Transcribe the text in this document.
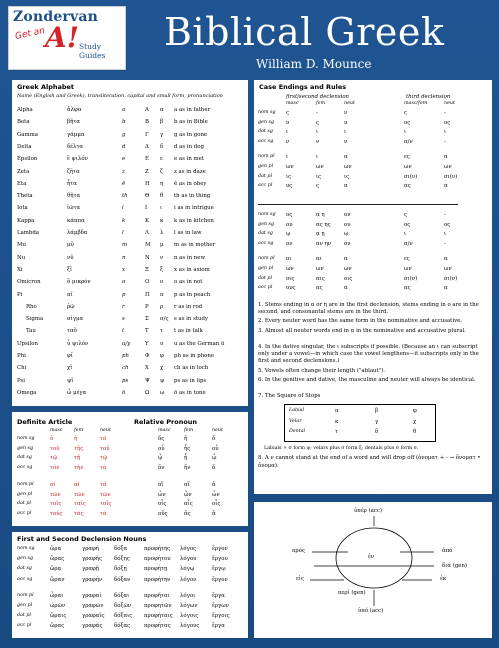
Zondervan
Get an A! Study Guides
Biblical Greek
William D. Mounce
Greek Alphabet
Name (English and Greek), transliteration, capital and small form, pronunciation
Alpha	ἄλφα	a	Α α a as in father
Beta	βῆτα	b	Β β b as in Bible
Gamma	γάμμα	g	Γ γ g as in gone
Delta	δέλτα	d	Δ δ d as in dog
Epsilon	ἒ ψιλόν	e	Ε ε e as in met
Zeta	ζῆτα	z	Ζ ζ z as in daze
Eta	ἦτα	ē	Η η ē as in obey
Theta	θῆτα	th	Θ θ th as in thing
Iota	ἰῶτα	i	Ι ι i as in intrigue
Kappa	κάππα	k	Κ κ k as in kitchen
Lambda	λάμβδα	l	Λ λ l as in law
Mu	μῦ	m	Μ μ m as in mother
Nu	νῦ	n	Ν ν n as in new
Xi	ξῖ	x	Ξ ξ x as in axiom
Omicron	ὂ μικρόν	o	Ο ο o as in not
Pi	πῖ	p	Π π p as in peach
Rho	ῥῶ	r	Ρ ρ r as in rod
Sigma	σίγμα	s	Σ σ/ς s as in study
Tau	ταῦ	t	Τ τ t as in talk
Upsilon	ὖ ψιλόν	u/y	Υ υ u as the German ü
Phi	φῖ	ph	Φ φ ph as in phone
Chi	χῖ	ch	Χ χ ch as in loch
Psi	ψῖ	ps	Ψ ψ ps as in lips
Omega	ὦ μέγα	ō	Ω ω ō as in tone
Case Endings and Rules
first/second declension	third declension
masc	fem	neut	masc/fem	neut
nom sg ς	-	ν	ς	-
gen sg υ	ς	υ	ος	ος
dat sg ι	ι	ι	ι	ι
acc sg ν	ν	ν	α/ν	-
nom pl ι	ι	α	ες	α
gen pl ων	ων	ων	ων	ων
dat pl	ις	ις	ις	σι(ν)	σι(ν)
acc pl	υς	ς	α	ας	α
nom sg ος	α η	ον	ς	-
gen sg ου	ας ης ου	ος	ος
dat sg ῳ	ᾳ ῃ	ῳ	ι	ι
acc sg ον	αν ην ον	α/ν	-
nom pl οι	αι	α	ες	α
gen pl ων	ων	ων	ων	ων
dat pl	οις	αις	οις	σι(ν)	σι(ν)
acc pl	ους	ας	α	ας	α
1. Stems ending in α or η are in the first declension, stems ending in ο are in the second, and consonantal stems are in the third.
2. Every neuter word has the same form in the nominative and accusative.
3. Almost all neuter words end in α in the nominative and accusative plural.
4. In the dative singular, the ι subscripts if possible. (Because an ι can subscript only under a vowel—in which case the vowel lengthens—it subscripts only in the first and second declensions.)
5. Vowels often change their length ("ablaut").
6. In the genitive and dative, the masculine and neuter will always be identical.
7. The Square of Stops
Labial	π	β	φ
Velar	κ	γ	χ
Dental	τ	δ	θ
Labials + σ form ψ; velars plus σ form ξ; dentals plus σ form σ.
8. A ν cannot stand at the end of a word and will drop off (ὀνοματ + - → ὄνοματ • ὄνομα).
Definite Article	Relative Pronoun
masc fem	neut	masc	fem	neut
nom sg	ὁ	ἡ	τό	ὅς	ἥ	ὅ
gen sg	τοῦ	τῆς	τοῦ	οὗ	ἧς	οὗ
dat sg	τῷ	τῇ	τῷ	ᾧ	ᾗ	ᾧ
acc sg	τόν	τήν	τό	ὅν	ἥν	ὅ
nom pl	οἱ	αἱ	τά	οἵ	αἵ	ἅ
gen pl	τῶν τῶν	τῶν	ὧν	ὧν	ὧν
dat pl	τοῖς ταῖς	τοῖς	οἷς	αἷς	οἷς
acc pl	τούς τάς	τά	οὕς	ἅς	ἅ
First and Second Declension Nouns
nom sg	ὥρα	γραφή	δόξα	προφήτης λόγος	ἔργον
gen sg	ὥρας	γραφῆς δόξης	προφήτου λόγου	ἔργου
dat sg	ὥρᾳ	γραφῇ	δόξῃ	προφήτῃ λόγῳ	ἔργῳ
acc sg	ὥραν	γραφήν δόξαν	προφήτην λόγον	ἔργον
nom pl	ὧραι	γραφαί δόξαι	προφῆται λόγοι	ἔργα
gen pl	ὡρῶν	γραφῶν δοξῶν προφητῶν λόγων	ἔργων
dat pl	ὥραις	γραφαῖς δόξαις προφήταις λόγοις	ἔργοις
acc pl	ὥρας	γραφάς δόξας	προφήτας λόγους ἔργα
ὑπέρ (acc)
πρός
ἐν
ἀπό
διά (gen)
εἰς	ἐκ
περί (gen)
ὑπό (acc)
